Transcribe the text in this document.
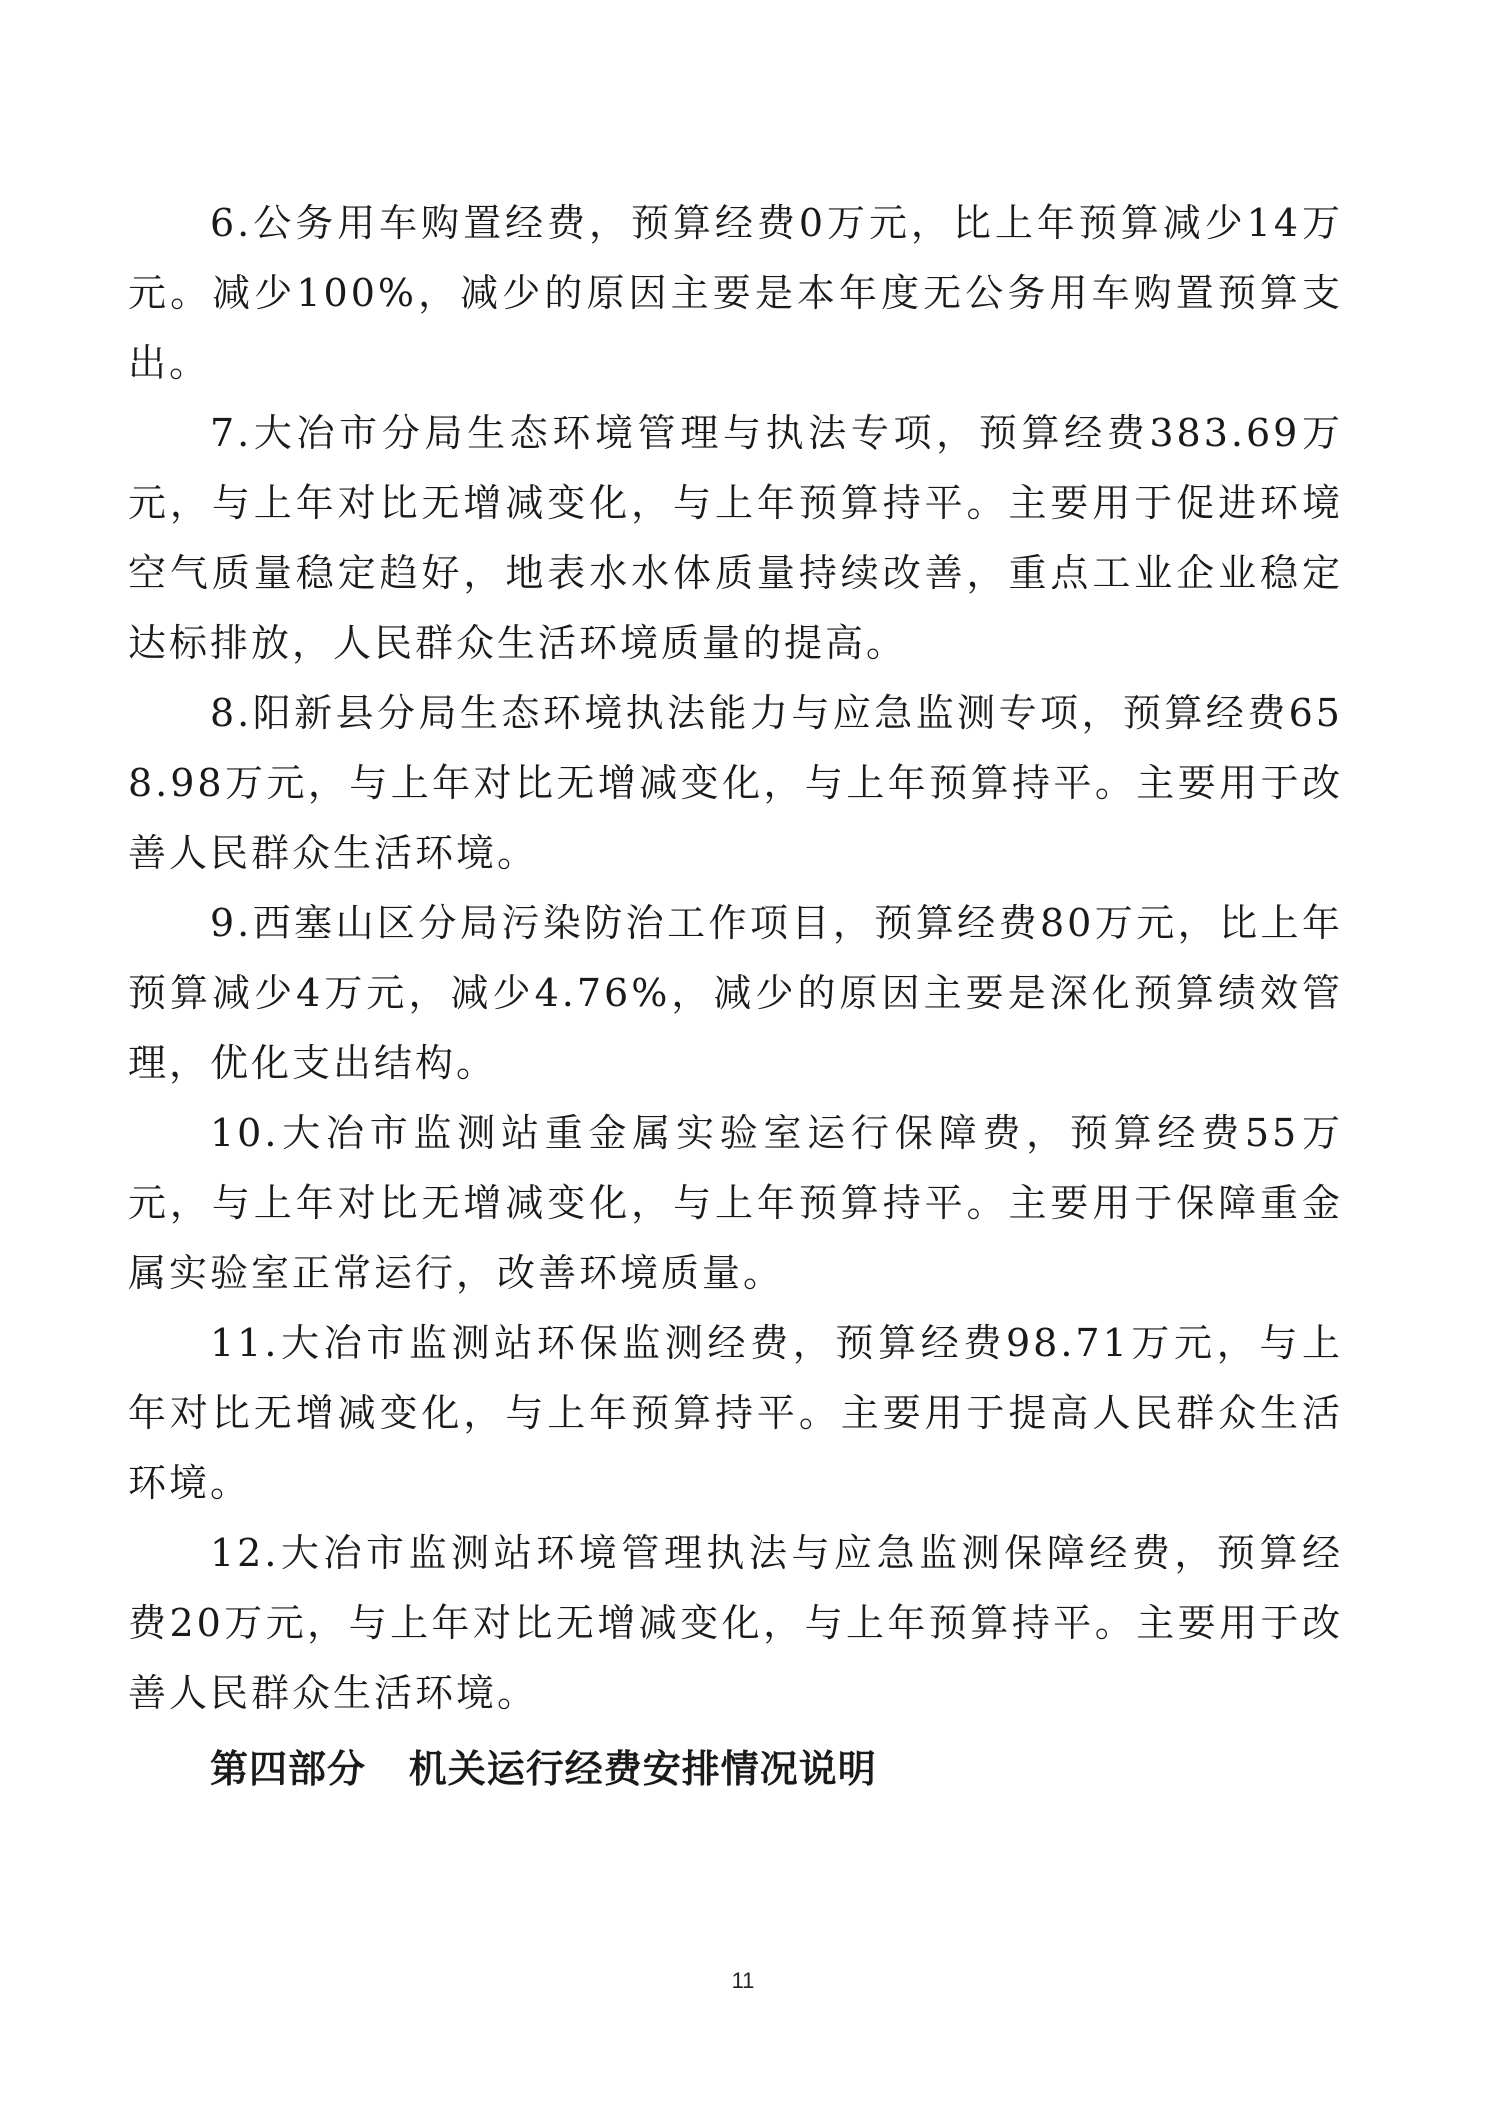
6.公务用车购置经费，预算经费0万元，比上年预算减少14万元。减少100%，减少的原因主要是本年度无公务用车购置预算支出。

7.大冶市分局生态环境管理与执法专项，预算经费383.69万元，与上年对比无增减变化，与上年预算持平。主要用于促进环境空气质量稳定趋好，地表水水体质量持续改善，重点工业企业稳定达标排放，人民群众生活环境质量的提高。

8.阳新县分局生态环境执法能力与应急监测专项，预算经费658.98万元，与上年对比无增减变化，与上年预算持平。主要用于改善人民群众生活环境。

9.西塞山区分局污染防治工作项目，预算经费80万元，比上年预算减少4万元，减少4.76%，减少的原因主要是深化预算绩效管理，优化支出结构。

10.大冶市监测站重金属实验室运行保障费，预算经费55万元，与上年对比无增减变化，与上年预算持平。主要用于保障重金属实验室正常运行，改善环境质量。

11.大冶市监测站环保监测经费，预算经费98.71万元，与上年对比无增减变化，与上年预算持平。主要用于提高人民群众生活环境。

12.大冶市监测站环境管理执法与应急监测保障经费，预算经费20万元，与上年对比无增减变化，与上年预算持平。主要用于改善人民群众生活环境。

第四部分   机关运行经费安排情况说明
11
